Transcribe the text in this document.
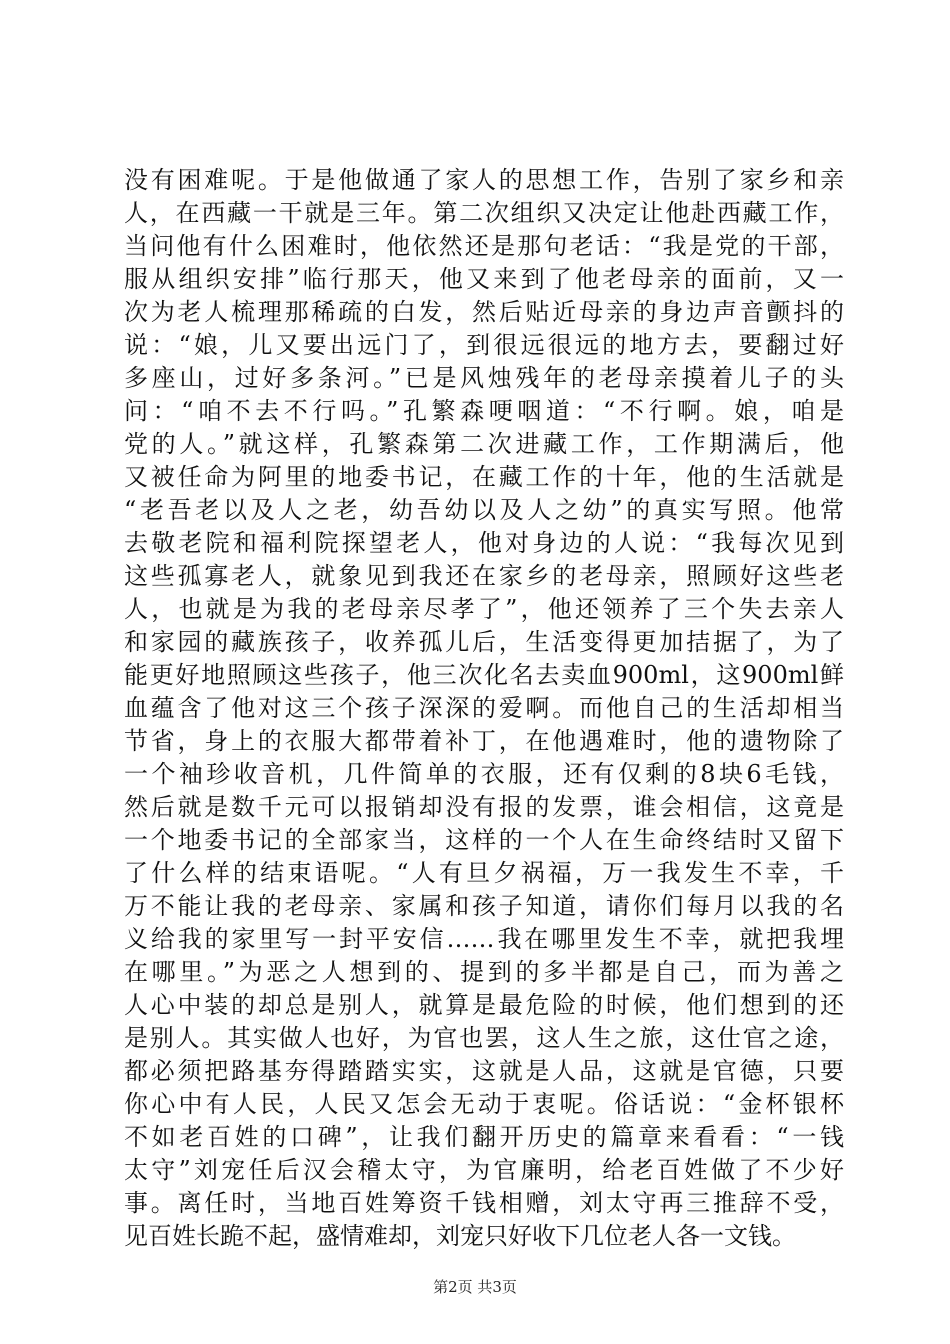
没有困难呢。于是他做通了家人的思想工作，告别了家乡和亲
人，在西藏一干就是三年。第二次组织又决定让他赴西藏工作，
当问他有什么困难时，他依然还是那句老话：“我是党的干部，
服从组织安排”临行那天，他又来到了他老母亲的面前，又一
次为老人梳理那稀疏的白发，然后贴近母亲的身边声音颤抖的
说：“娘，儿又要出远门了，到很远很远的地方去，要翻过好
多座山，过好多条河。”已是风烛残年的老母亲摸着儿子的头
问：“咱不去不行吗。”孔繁森哽咽道：“不行啊。娘，咱是
党的人。”就这样，孔繁森第二次进藏工作，工作期满后，他
又被任命为阿里的地委书记，在藏工作的十年，他的生活就是
“老吾老以及人之老，幼吾幼以及人之幼”的真实写照。他常
去敬老院和福利院探望老人，他对身边的人说：“我每次见到
这些孤寡老人，就象见到我还在家乡的老母亲，照顾好这些老
人，也就是为我的老母亲尽孝了”，他还领养了三个失去亲人
和家园的藏族孩子，收养孤儿后，生活变得更加拮据了，为了
能更好地照顾这些孩子，他三次化名去卖血900ml，这900ml鲜
血蕴含了他对这三个孩子深深的爱啊。而他自己的生活却相当
节省，身上的衣服大都带着补丁，在他遇难时，他的遗物除了
一个袖珍收音机，几件简单的衣服，还有仅剩的8块6毛钱，
然后就是数千元可以报销却没有报的发票，谁会相信，这竟是
一个地委书记的全部家当，这样的一个人在生命终结时又留下
了什么样的结束语呢。“人有旦夕祸福，万一我发生不幸，千
万不能让我的老母亲、家属和孩子知道，请你们每月以我的名
义给我的家里写一封平安信……我在哪里发生不幸，就把我埋
在哪里。”为恶之人想到的、提到的多半都是自己，而为善之
人心中装的却总是别人，就算是最危险的时候，他们想到的还
是别人。其实做人也好，为官也罢，这人生之旅，这仕官之途，
都必须把路基夯得踏踏实实，这就是人品，这就是官德，只要
你心中有人民，人民又怎会无动于衷呢。俗话说：“金杯银杯
不如老百姓的口碑”，让我们翻开历史的篇章来看看：“一钱
太守”刘宠任后汉会稽太守，为官廉明，给老百姓做了不少好
事。离任时，当地百姓筹资千钱相赠，刘太守再三推辞不受，
见百姓长跪不起，盛情难却，刘宠只好收下几位老人各一文钱。
第2页 共3页
